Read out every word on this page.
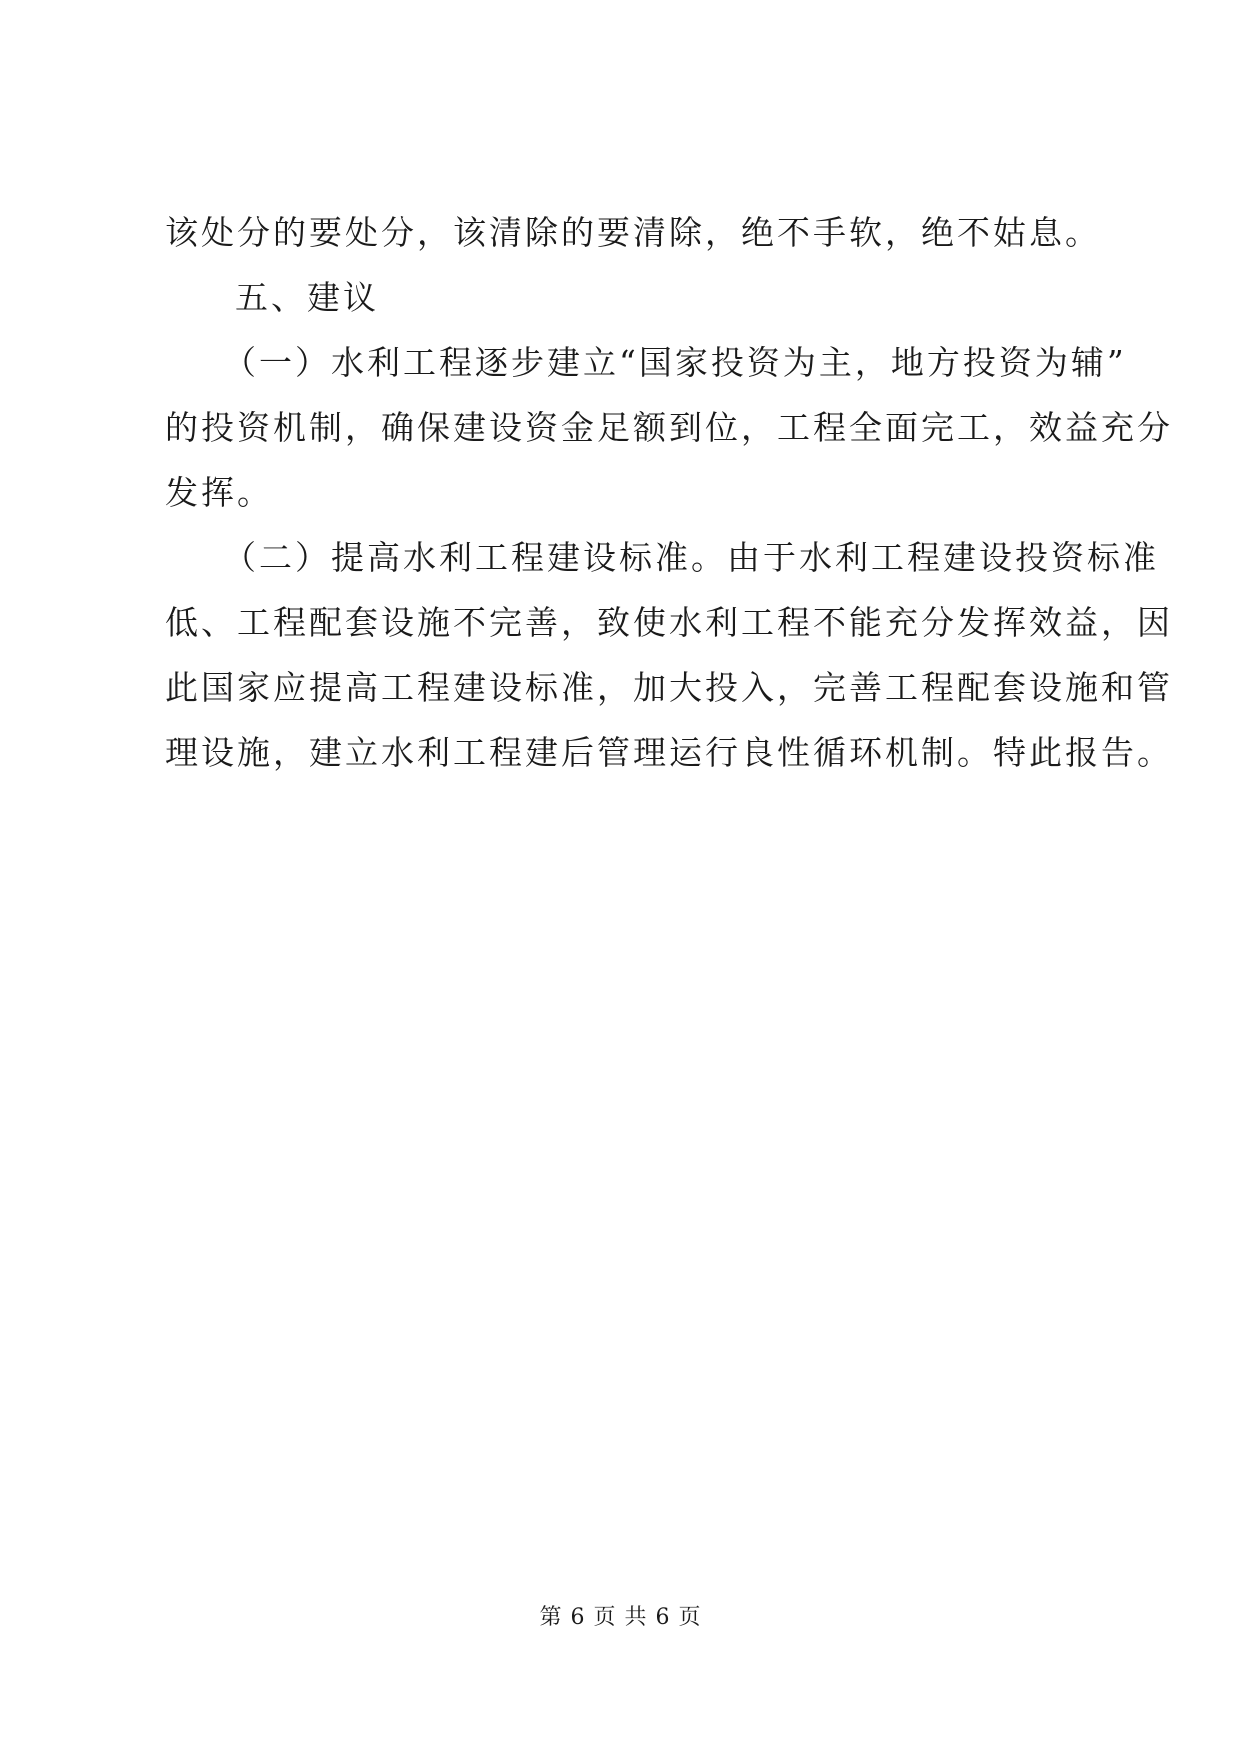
该处分的要处分，该清除的要清除，绝不手软，绝不姑息。
五、建议
（一）水利工程逐步建立“国家投资为主，地方投资为辅”
的投资机制，确保建设资金足额到位，工程全面完工，效益充分
发挥。
（二）提高水利工程建设标准。由于水利工程建设投资标准
低、工程配套设施不完善，致使水利工程不能充分发挥效益，因
此国家应提高工程建设标准，加大投入，完善工程配套设施和管
理设施，建立水利工程建后管理运行良性循环机制。特此报告。
第 6 页 共 6 页
